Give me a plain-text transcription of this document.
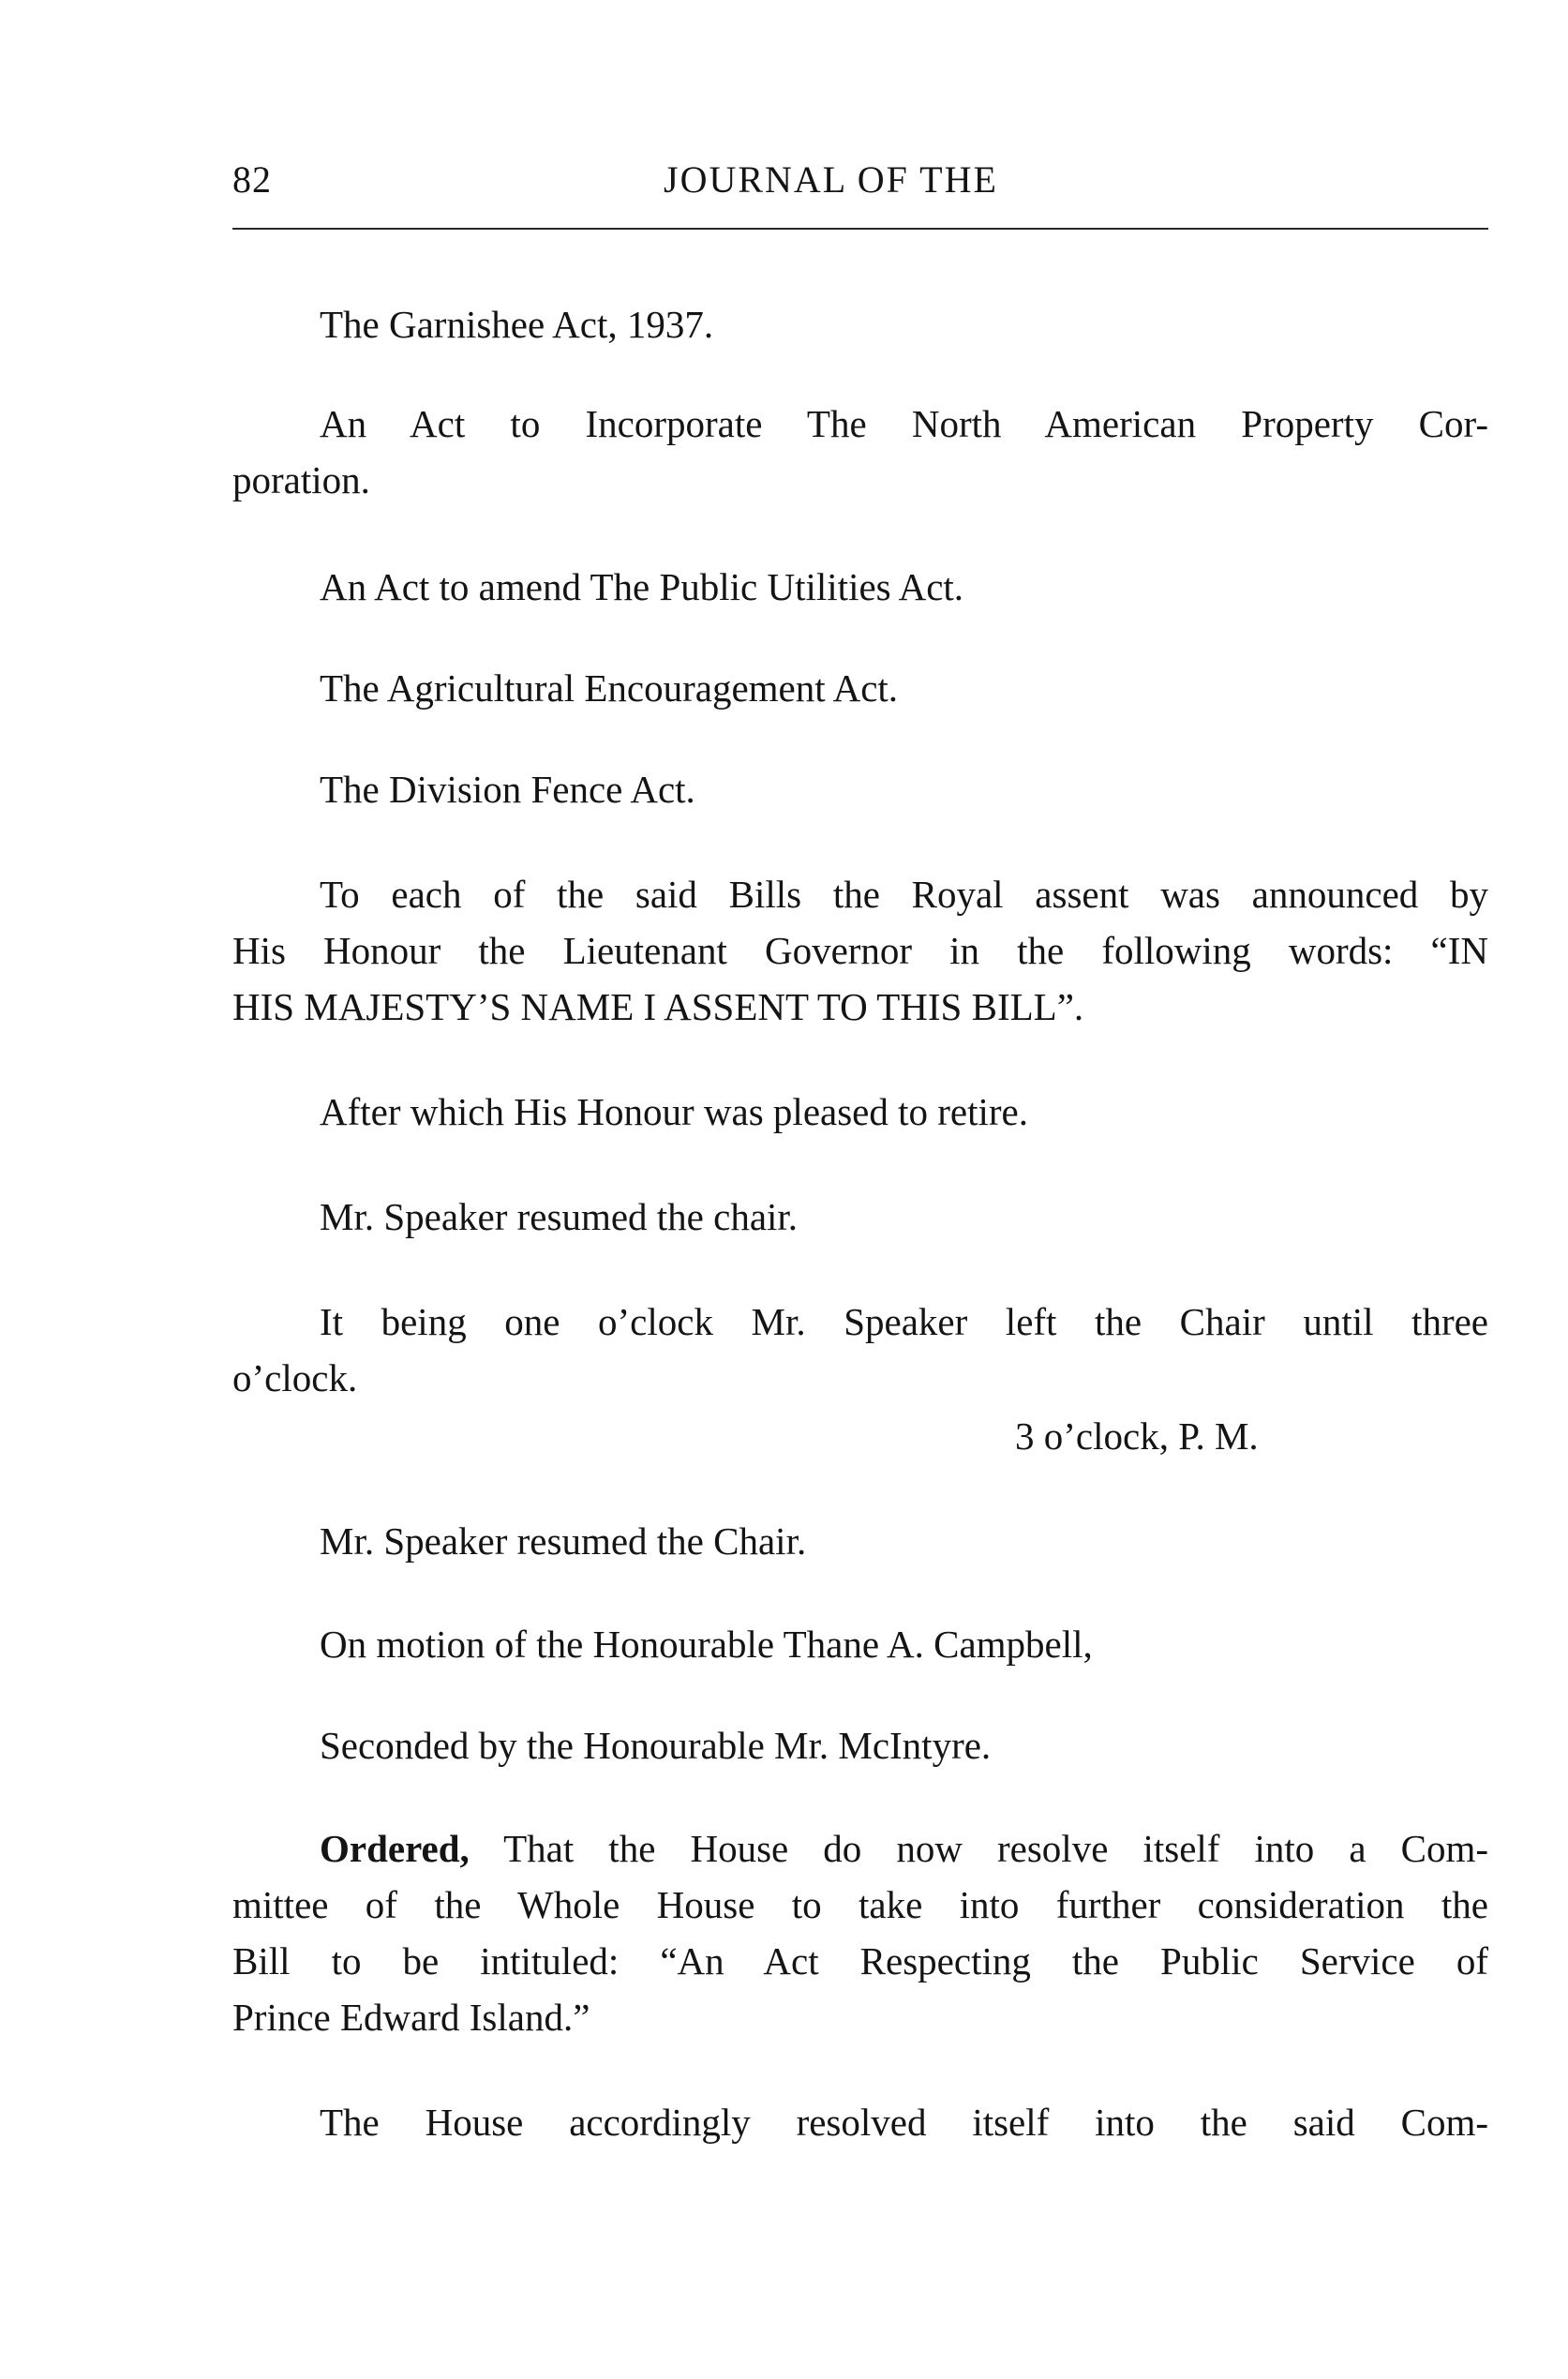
82	JOURNAL OF THE
The Garnishee Act, 1937.
An Act to Incorporate The North American Property Cor-
poration.
An Act to amend The Public Utilities Act.
The Agricultural Encouragement Act.
The Division Fence Act.
To each of the said Bills the Royal assent was announced by
His Honour the Lieutenant Governor in the following words: “IN
HIS MAJESTY’S NAME I ASSENT TO THIS BILL”.
After which His Honour was pleased to retire.
Mr. Speaker resumed the chair.
It being one o’clock Mr. Speaker left the Chair until three
o’clock.
3 o’clock, P. M.
Mr. Speaker resumed the Chair.
On motion of the Honourable Thane A. Campbell,
Seconded by the Honourable Mr. McIntyre.
Ordered, That the House do now resolve itself into a Com-
mittee of the Whole House to take into further consideration the
Bill to be intituled: “An Act Respecting the Public Service of
Prince Edward Island.”
The House accordingly resolved itself into the said Com-
